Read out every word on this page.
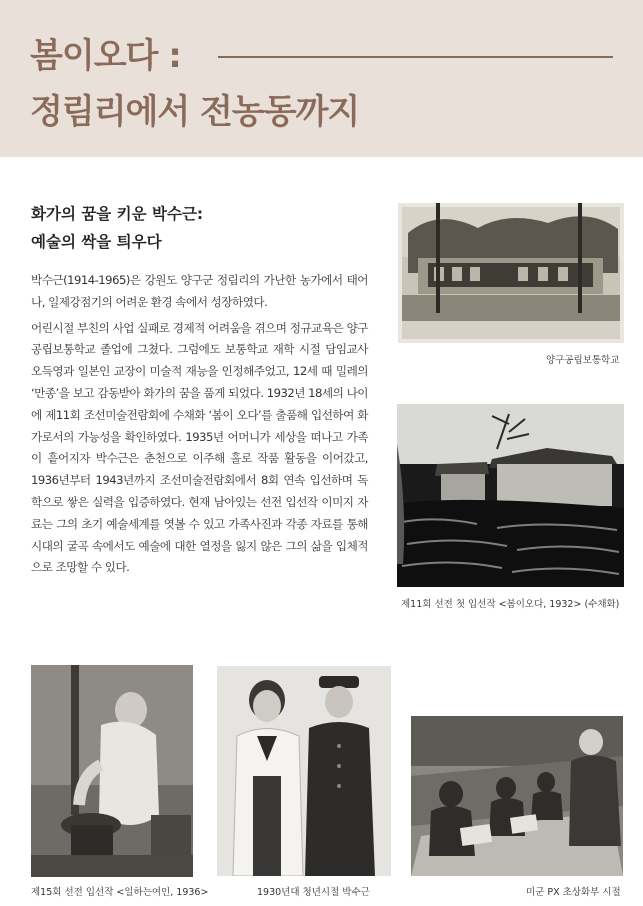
봄이오다 :
정림리에서 전농동까지
화가의 꿈을 키운 박수근:
예술의 싹을 틔우다

박수근(1914-1965)은 강원도 양구군 정림리의 가난한 농가에서 태어나, 일제강점기의 어려운 환경 속에서 성장하였다.

어린시절 부친의 사업 실패로 경제적 어려움을 겪으며 정규교육은 양구공립보통학교 졸업에 그쳤다. 그럼에도 보통학교 재학 시절 담임교사 오득영과 일본인 교장이 미술적 재능을 인정해주었고, 12세 때 밀레의 ‘만종’을 보고 감동받아 화가의 꿈을 품게 되었다. 1932년 18세의 나이에 제11회 조선미술전람회에 수채화 ‘봄이 오다’를 출품해 입선하여 화가로서의 가능성을 확인하였다. 1935년 어머니가 세상을 떠나고 가족이 흩어지자 박수근은 춘천으로 이주해 홀로 작품 활동을 이어갔고, 1936년부터 1943년까지 조선미술전람회에서 8회 연속 입선하며 독학으로 쌓은 실력을 입증하였다. 현재 남아있는 선전 입선작 이미지 자료는 그의 초기 예술세계를 엿볼 수 있고 가족사진과 각종 자료를 통해 시대의 굴곡 속에서도 예술에 대한 열정을 잃지 않은 그의 삶을 입체적으로 조망할 수 있다.

양구공립보통학교
제11회 선전 첫 입선작 <봄이오다, 1932> (수채화)
제15회 선전 입선작 <일하는여인, 1936>	1930년대 청년시절 박수근	미군 PX 초상화부 시절
